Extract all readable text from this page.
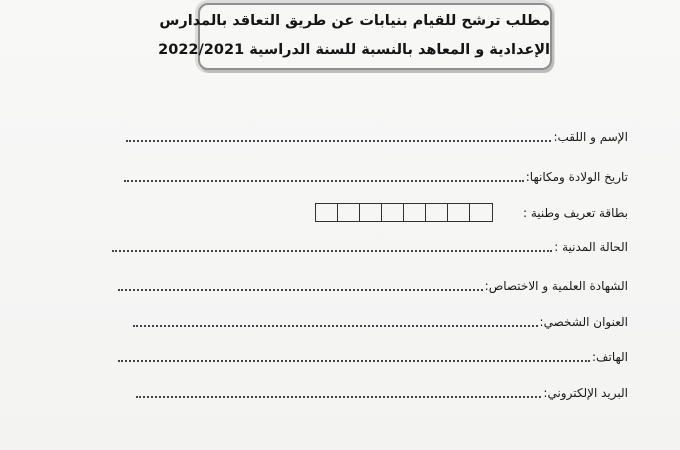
مطلب ترشح للقيام بنيابات عن طريق التعاقد بالمدارس
الإعدادية و المعاهد بالنسبة للسنة الدراسية 2022/2021
الإسم و اللقب:
تاريخ الولادة ومكانها:
بطاقة تعريف وطنية :
الحالة المدنية :
الشهادة العلمية و الاختصاص:
العنوان الشخصي:
الهاتف:
البريد الإلكتروني:
